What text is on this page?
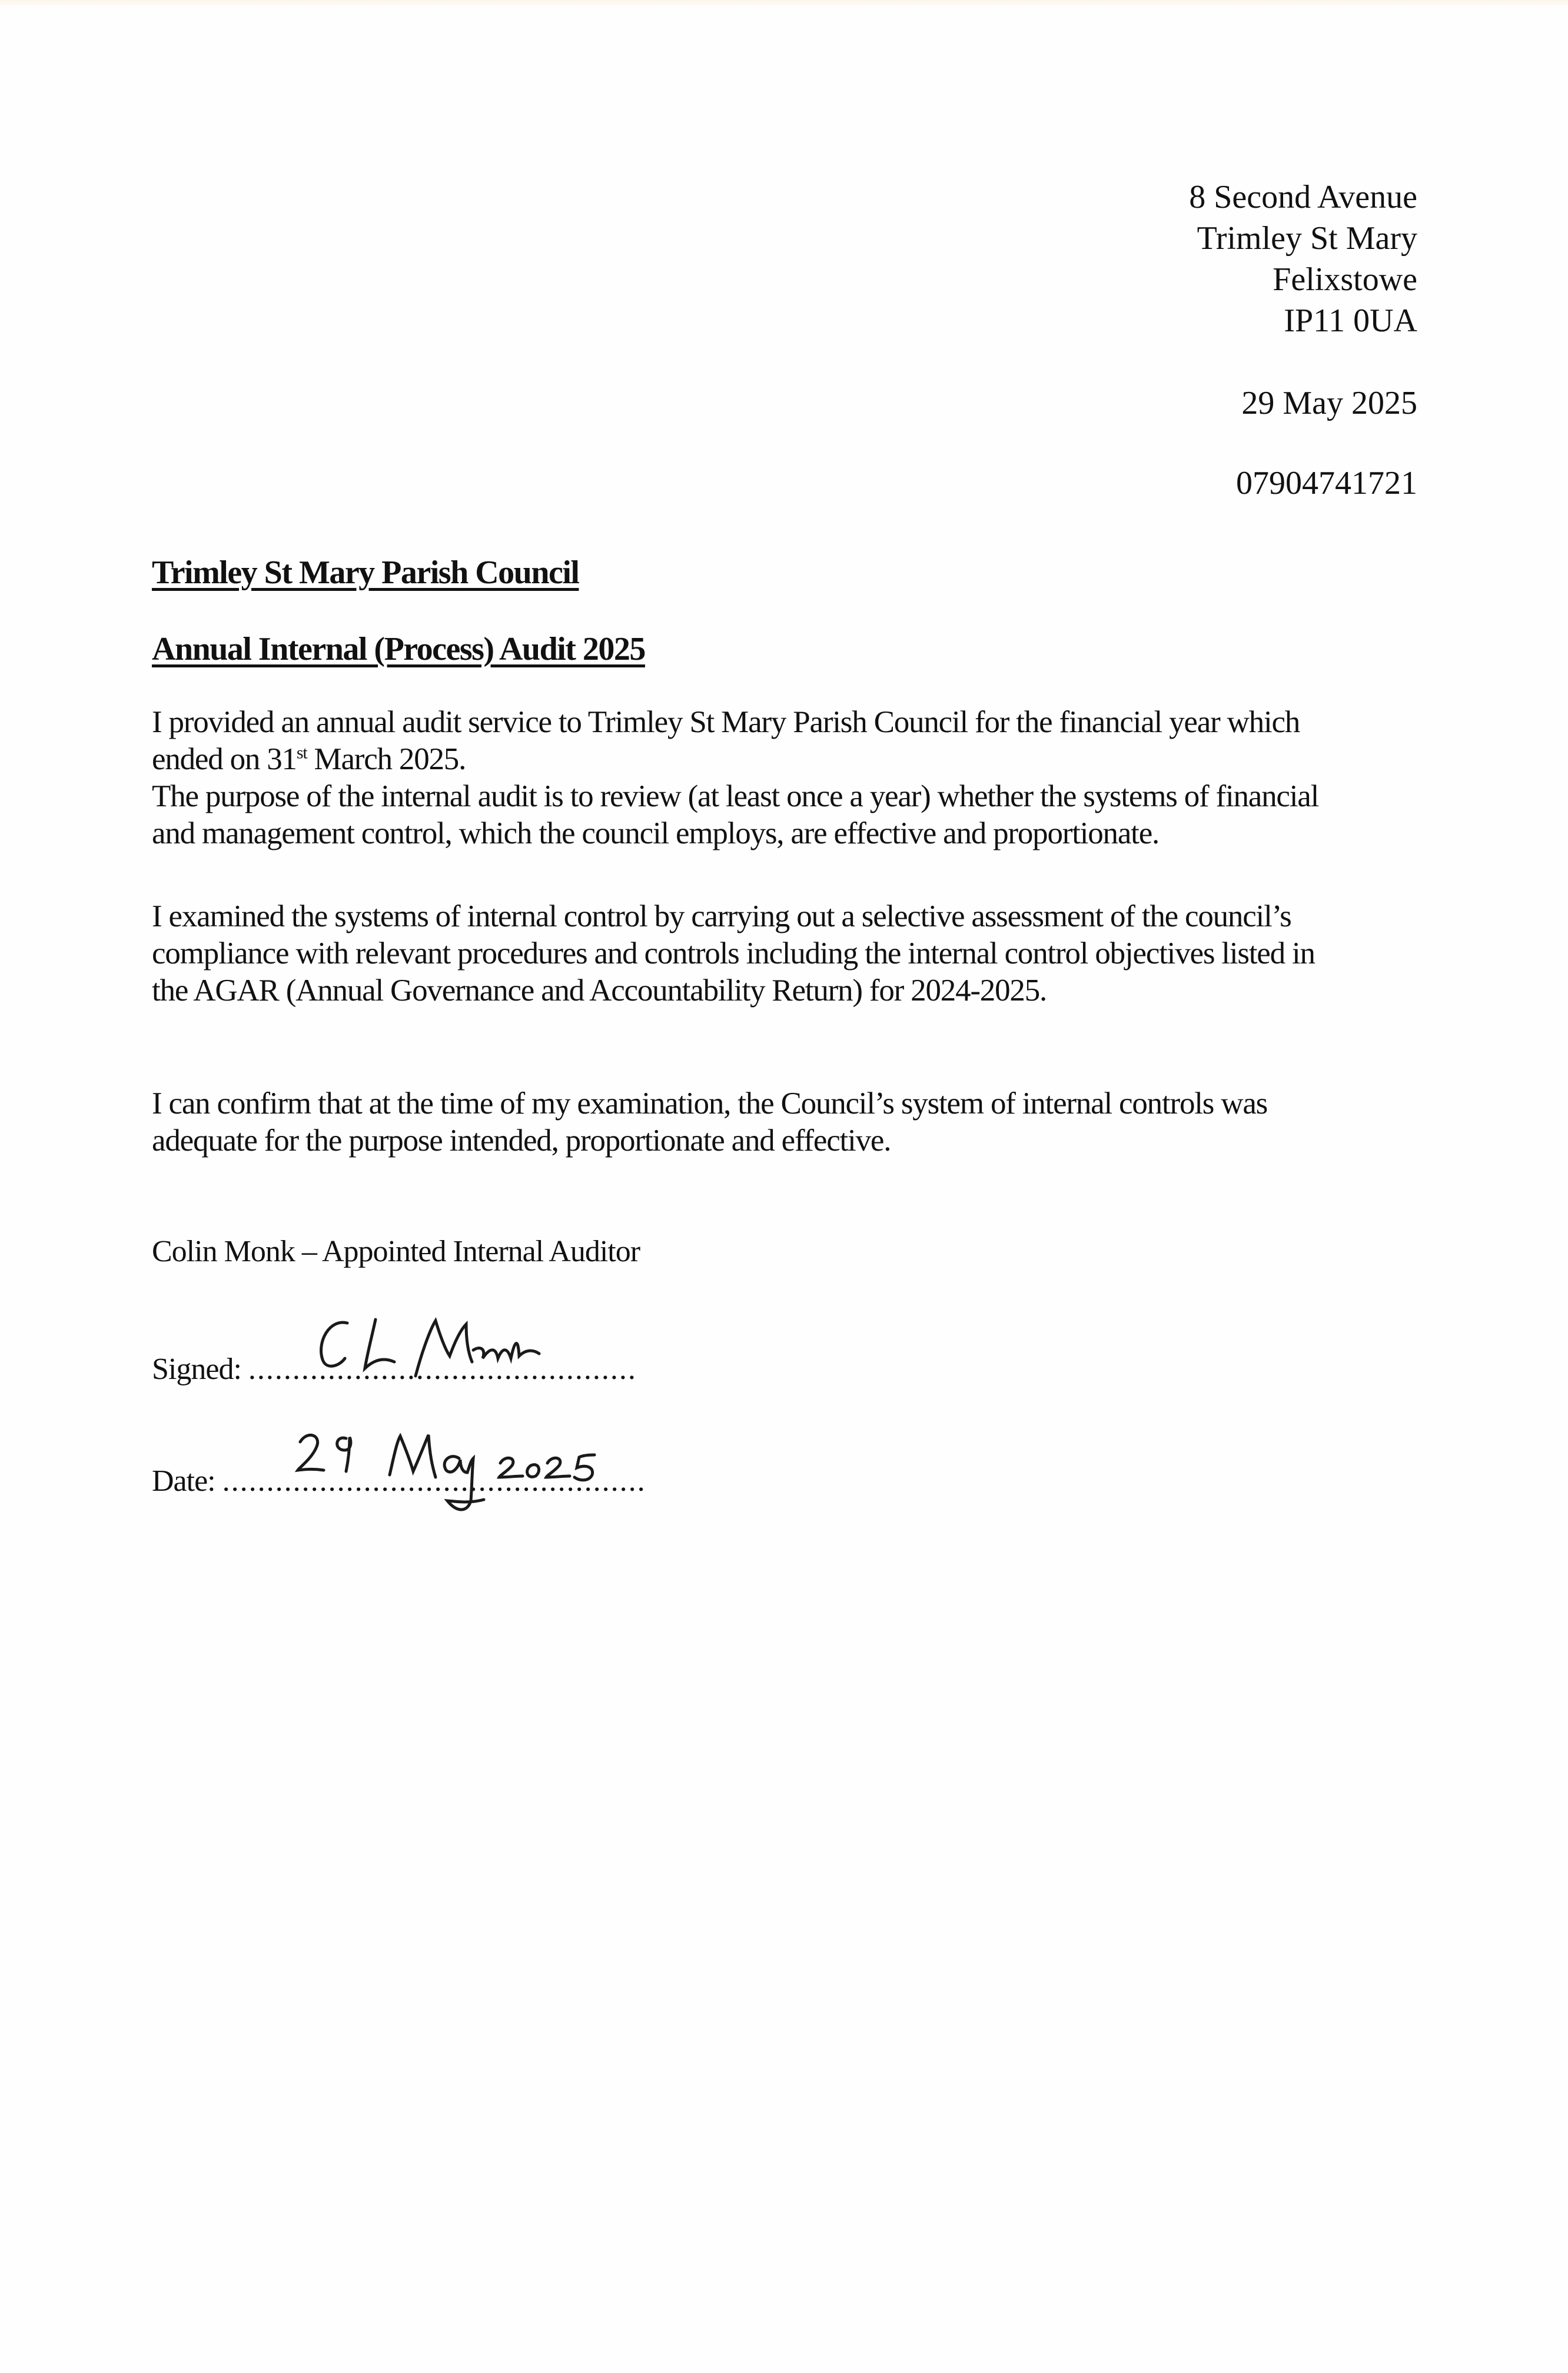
8 Second Avenue
Trimley St Mary
Felixstowe
IP11 0UA
29 May 2025
07904741721
Trimley St Mary Parish Council
Annual Internal (Process) Audit 2025

I provided an annual audit service to Trimley St Mary Parish Council for the financial year which

ended on 31st March 2025.

The purpose of the internal audit is to review (at least once a year) whether the systems of financial

and management control, which the council employs, are effective and proportionate.

I examined the systems of internal control by carrying out a selective assessment of the council’s

compliance with relevant procedures and controls including the internal control objectives listed in

the AGAR (Annual Governance and Accountability Return) for 2024-2025.

I can confirm that at the time of my examination, the Council’s system of internal controls was

adequate for the purpose intended, proportionate and effective.

Colin Monk – Appointed Internal Auditor
Signed: ............................................
Date: ................................................
